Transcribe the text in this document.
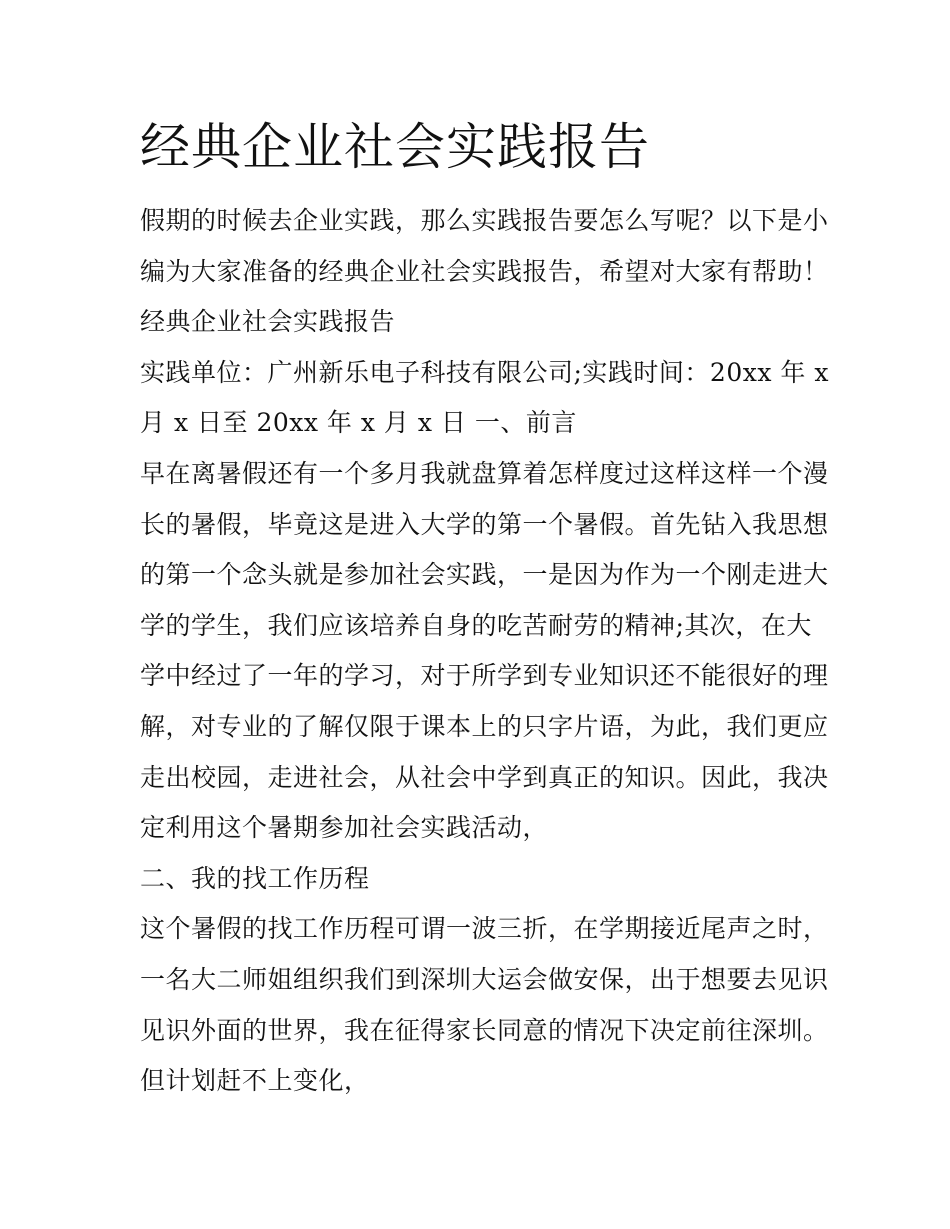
经典企业社会实践报告
假期的时候去企业实践，那么实践报告要怎么写呢？以下是小
编为大家准备的经典企业社会实践报告，希望对大家有帮助！
经典企业社会实践报告
实践单位：广州新乐电子科技有限公司;实践时间：20xx 年 x
月 x 日至 20xx 年 x 月 x 日 一、前言
早在离暑假还有一个多月我就盘算着怎样度过这样这样一个漫
长的暑假，毕竟这是进入大学的第一个暑假。首先钻入我思想
的第一个念头就是参加社会实践，一是因为作为一个刚走进大
学的学生，我们应该培养自身的吃苦耐劳的精神;其次，在大
学中经过了一年的学习，对于所学到专业知识还不能很好的理
解，对专业的了解仅限于课本上的只字片语，为此，我们更应
走出校园，走进社会，从社会中学到真正的知识。因此，我决
定利用这个暑期参加社会实践活动，
二、我的找工作历程
这个暑假的找工作历程可谓一波三折，在学期接近尾声之时，
一名大二师姐组织我们到深圳大运会做安保，出于想要去见识
见识外面的世界，我在征得家长同意的情况下决定前往深圳。
但计划赶不上变化，
